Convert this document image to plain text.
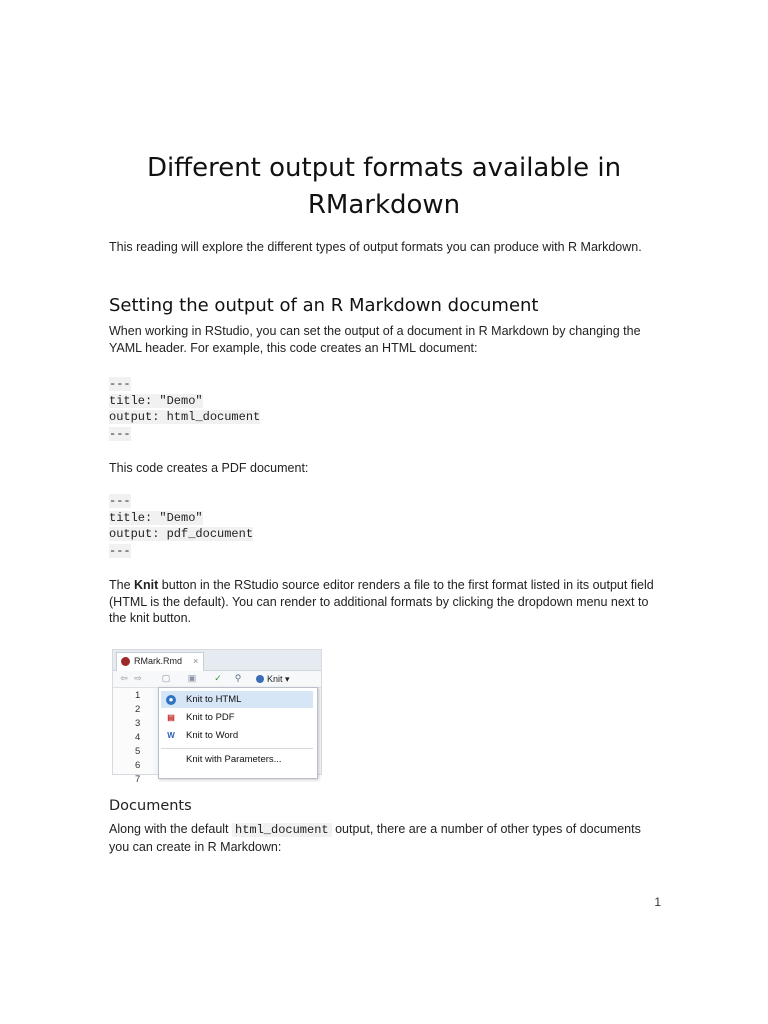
Different output formats available in RMarkdown

This reading will explore the different types of output formats you can produce with R Markdown.

Setting the output of an R Markdown document

When working in RStudio, you can set the output of a document in R Markdown by changing the YAML header. For example, this code creates an HTML document:

---
title: "Demo"
output: html_document
---

This code creates a PDF document:

---
title: "Demo"
output: pdf_document
---

The Knit button in the RStudio source editor renders a file to the first format listed in its output field (HTML is the default). You can render to additional formats by clicking the dropdown menu next to the knit button.

RMark.Rmd ×
⇦ ⇨ ▢ ▣ ✓ ⚲	Knit ▾
1
2
3
4
5
6
7
● Knit to HTML
▤ Knit to PDF
W Knit to Word
Knit with Parameters...
Documents

Along with the default html_document output, there are a number of other types of documents you can create in R Markdown:

1
